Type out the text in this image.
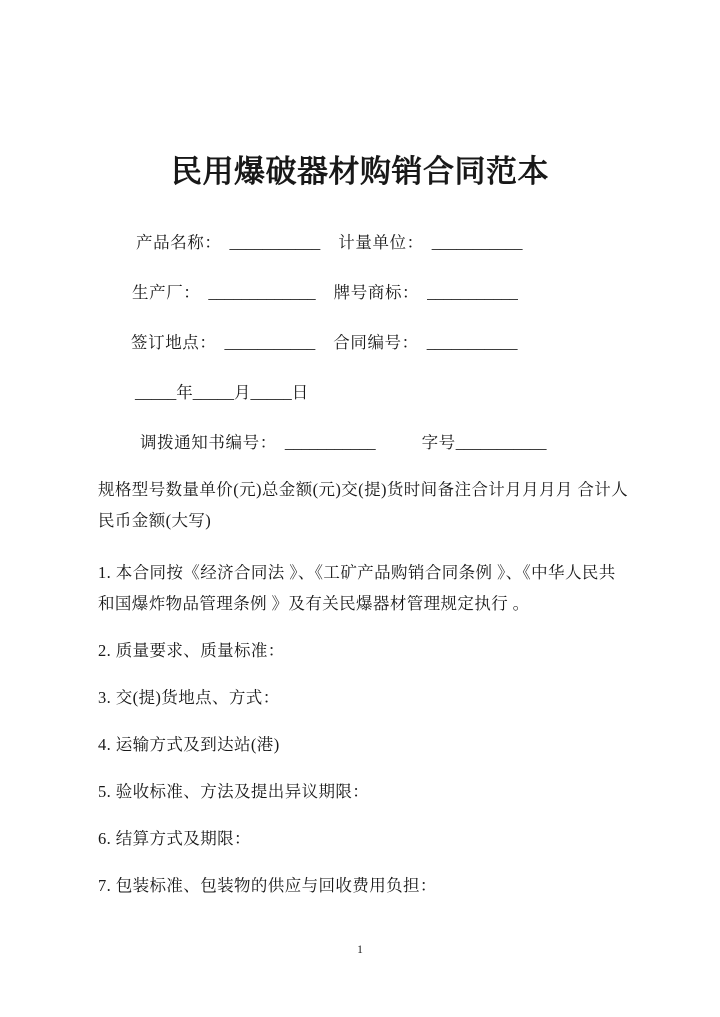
民用爆破器材购销合同范本
产品名称： ___________ 计量单位： ___________
生产厂： _____________ 牌号商标： ___________
签订地点： ___________ 合同编号： ___________
_____年_____月_____日
调拨通知书编号： ___________	字号___________

规格型号数量单价(元)总金额(元)交(提)货时间备注合计月月月月 合计人民币金额(大写)

1. 本合同按《经济合同法 》、《工矿产品购销合同条例 》、《中华人民共和国爆炸物品管理条例 》及有关民爆器材管理规定执行 。

2. 质量要求、质量标准：

3. 交(提)货地点、方式：

4. 运输方式及到达站(港)

5. 验收标准、方法及提出异议期限：

6. 结算方式及期限：

7. 包装标准、包装物的供应与回收费用负担：

1
